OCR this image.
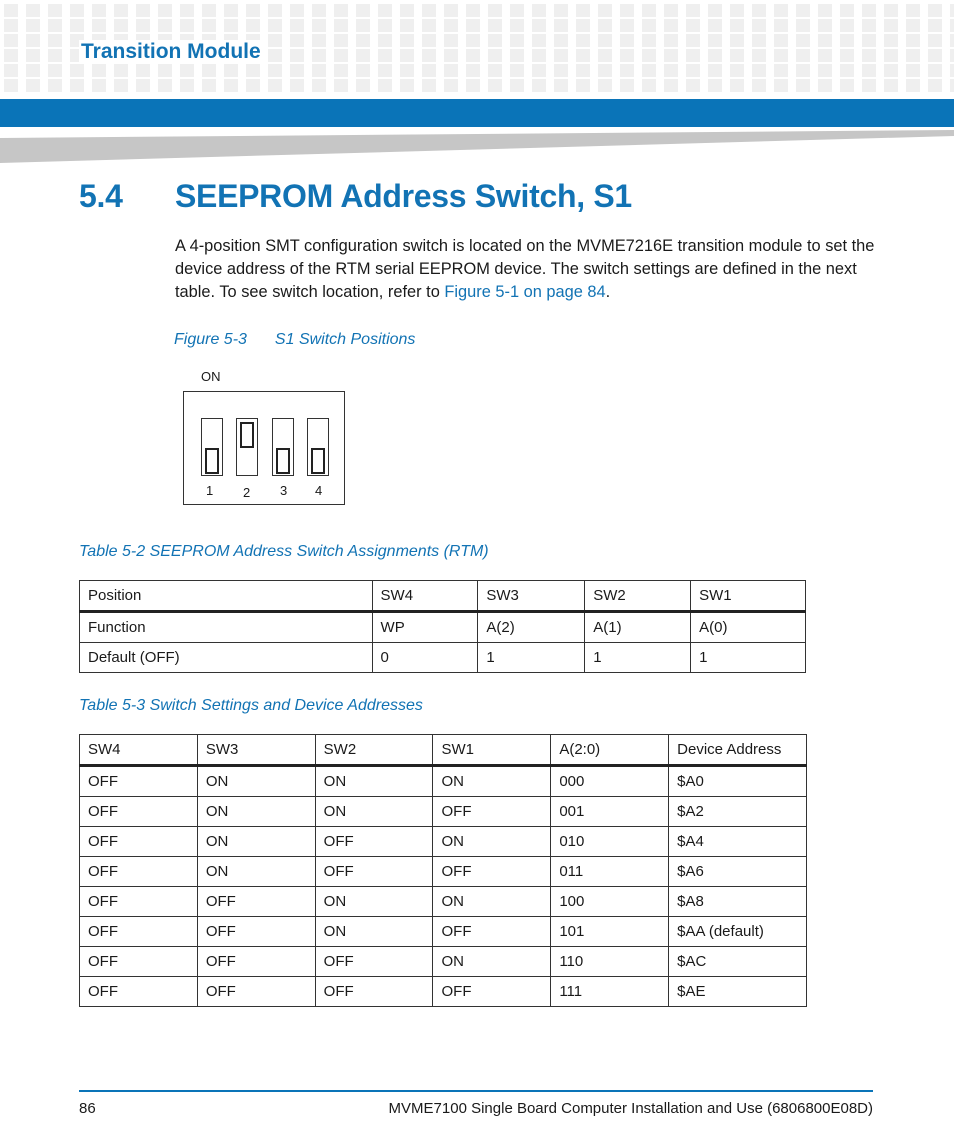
Transition Module
5.4 SEEPROM Address Switch, S1
A 4-position SMT configuration switch is located on the MVME7216E transition module to set the device address of the RTM serial EEPROM device. The switch settings are defined in the next table. To see switch location, refer to Figure 5-1 on page 84.
Figure 5-3 S1 Switch Positions
ON
1 2 3 4
Table 5-2 SEEPROM Address Switch Assignments (RTM)
Position	SW4	SW3	SW2	SW1
Function	WP	A(2)	A(1)	A(0)
Default (OFF)	0	1	1	1
Table 5-3 Switch Settings and Device Addresses
SW4	SW3	SW2	SW1	A(2:0)	Device Address
OFF	ON	ON	ON	000	$A0
OFF	ON	ON	OFF	001	$A2
OFF	ON	OFF	ON	010	$A4
OFF	ON	OFF	OFF	011	$A6
OFF	OFF	ON	ON	100	$A8
OFF	OFF	ON	OFF	101	$AA (default)
OFF	OFF	OFF	ON	110	$AC
OFF	OFF	OFF	OFF	111	$AE
86	MVME7100 Single Board Computer Installation and Use (6806800E08D)
